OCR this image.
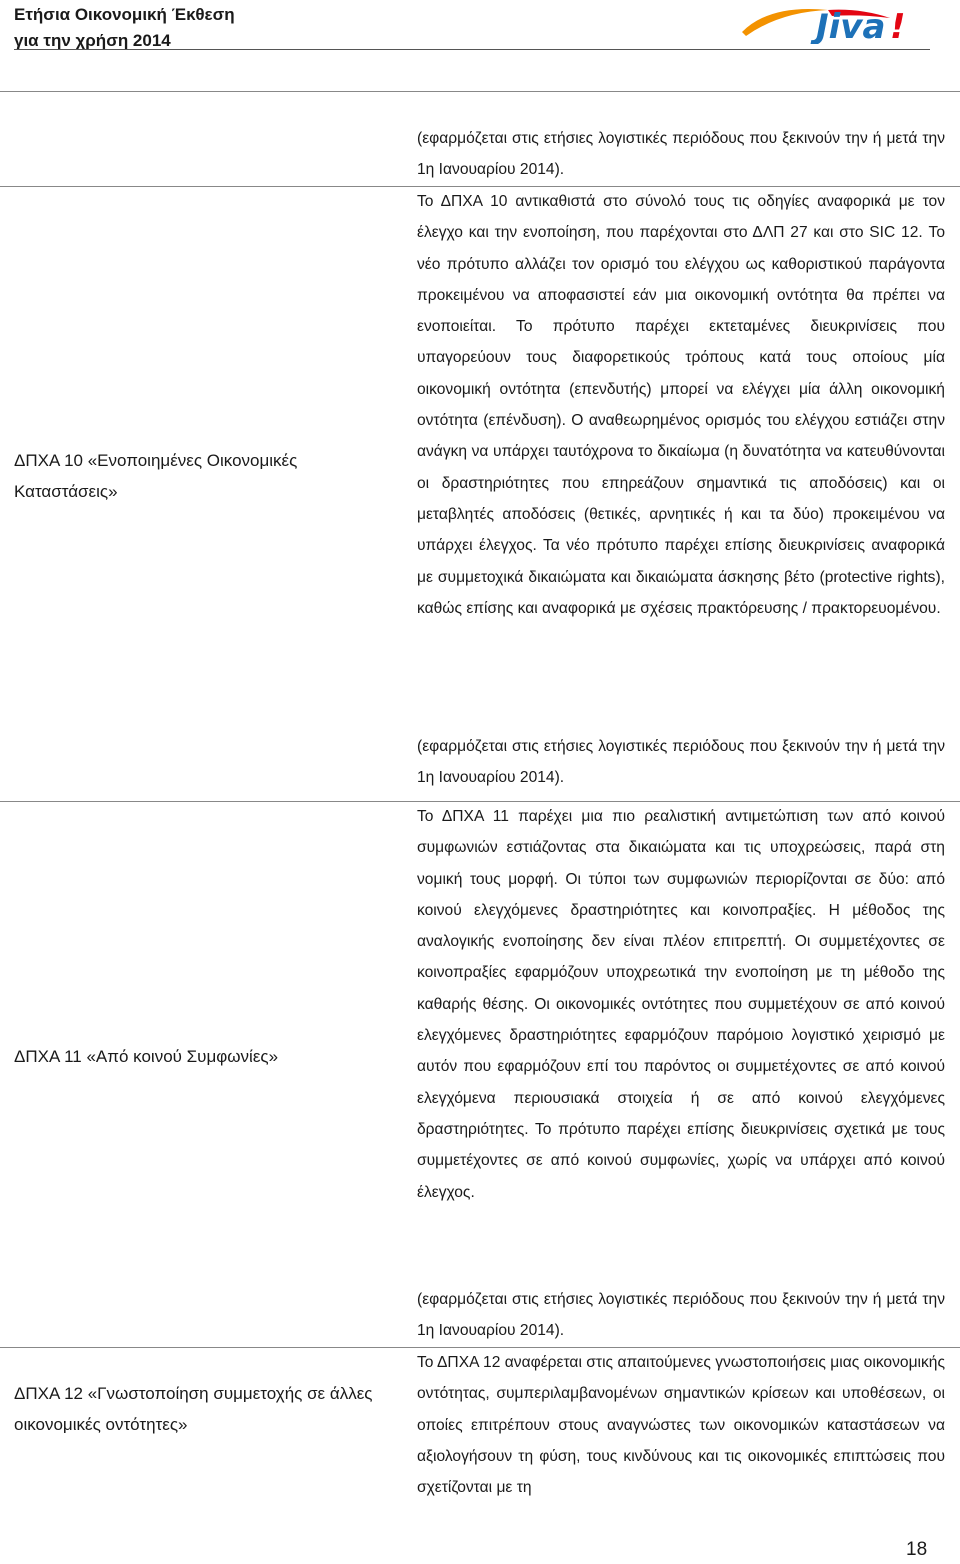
Ετήσια Οικονομική Έκθεση
για την χρήση 2014	Jiva !
(εφαρμόζεται στις ετήσιες λογιστικές περιόδους που ξεκινούν την ή μετά την 1η Ιανουαρίου 2014).
ΔΠΧΑ 10 «Ενοποιημένες Οικονομικές Καταστάσεις»
Το ΔΠΧΑ 10 αντικαθιστά στο σύνολό τους τις οδηγίες αναφορικά με τον έλεγχο και την ενοποίηση, που παρέχονται στο ΔΛΠ 27 και στο SIC 12. Το νέο πρότυπο αλλάζει τον ορισμό του ελέγχου ως καθοριστικού παράγοντα προκειμένου να αποφασιστεί εάν μια οικονομική οντότητα θα πρέπει να ενοποιείται. Το πρότυπο παρέχει εκτεταμένες διευκρινίσεις που υπαγορεύουν τους διαφορετικούς τρόπους κατά τους οποίους μία οικονομική οντότητα (επενδυτής) μπορεί να ελέγχει μία άλλη οικονομική οντότητα (επένδυση). Ο αναθεωρημένος ορισμός του ελέγχου εστιάζει στην ανάγκη να υπάρχει ταυτόχρονα το δικαίωμα (η δυνατότητα να κατευθύνονται οι δραστηριότητες που επηρεάζουν σημαντικά τις αποδόσεις) και οι μεταβλητές αποδόσεις (θετικές, αρνητικές ή και τα δύο) προκειμένου να υπάρχει έλεγχος. Τα νέο πρότυπο παρέχει επίσης διευκρινίσεις αναφορικά με συμμετοχικά δικαιώματα και δικαιώματα άσκησης βέτο (protective rights), καθώς επίσης και αναφορικά με σχέσεις πρακτόρευσης / πρακτορευομένου.
(εφαρμόζεται στις ετήσιες λογιστικές περιόδους που ξεκινούν την ή μετά την 1η Ιανουαρίου 2014).
ΔΠΧΑ 11 «Από κοινού Συμφωνίες»
Το ΔΠΧΑ 11 παρέχει μια πιο ρεαλιστική αντιμετώπιση των από κοινού συμφωνιών εστιάζοντας στα δικαιώματα και τις υποχρεώσεις, παρά στη νομική τους μορφή. Οι τύποι των συμφωνιών περιορίζονται σε δύο: από κοινού ελεγχόμενες δραστηριότητες και κοινοπραξίες. Η μέθοδος της αναλογικής ενοποίησης δεν είναι πλέον επιτρεπτή. Οι συμμετέχοντες σε κοινοπραξίες εφαρμόζουν υποχρεωτικά την ενοποίηση με τη μέθοδο της καθαρής θέσης. Οι οικονομικές οντότητες που συμμετέχουν σε από κοινού ελεγχόμενες δραστηριότητες εφαρμόζουν παρόμοιο λογιστικό χειρισμό με αυτόν που εφαρμόζουν επί του παρόντος οι συμμετέχοντες σε από κοινού ελεγχόμενα περιουσιακά στοιχεία ή σε από κοινού ελεγχόμενες δραστηριότητες. Το πρότυπο παρέχει επίσης διευκρινίσεις σχετικά με τους συμμετέχοντες σε από κοινού συμφωνίες, χωρίς να υπάρχει από κοινού έλεγχος.
(εφαρμόζεται στις ετήσιες λογιστικές περιόδους που ξεκινούν την ή μετά την 1η Ιανουαρίου 2014).
ΔΠΧΑ 12 «Γνωστοποίηση συμμετοχής σε άλλες οικονομικές οντότητες»
Το ΔΠΧΑ 12 αναφέρεται στις απαιτούμενες γνωστοποιήσεις μιας οικονομικής οντότητας, συμπεριλαμβανομένων σημαντικών κρίσεων και υποθέσεων, οι οποίες επιτρέπουν στους αναγνώστες των οικονομικών καταστάσεων να αξιολογήσουν τη φύση, τους κινδύνους και τις οικονομικές επιπτώσεις που σχετίζονται με τη
18
